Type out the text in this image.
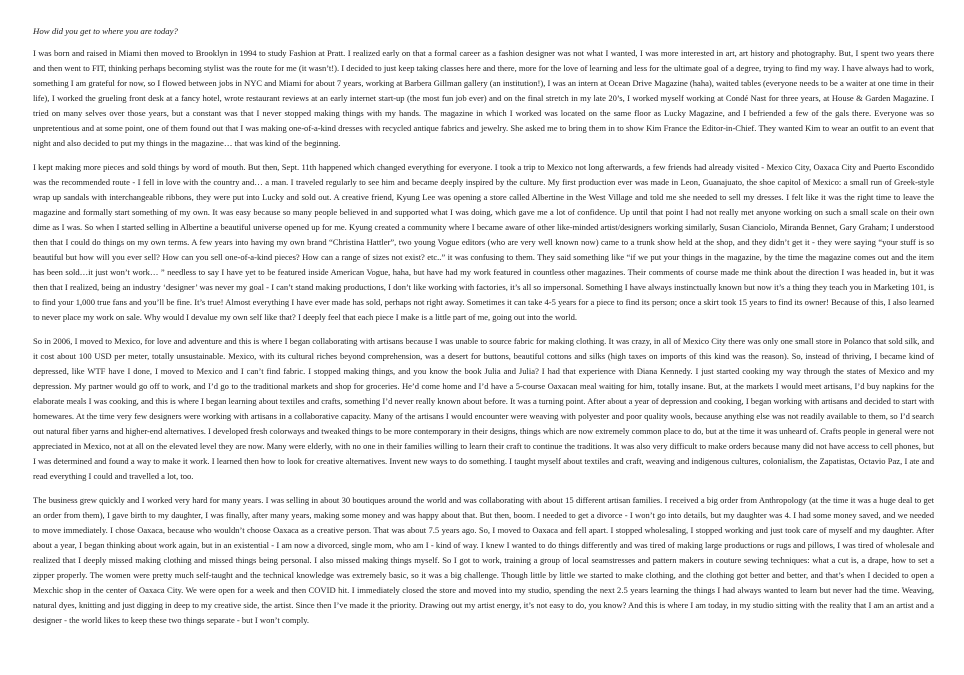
How did you get to where you are today?

I was born and raised in Miami then moved to Brooklyn in 1994 to study Fashion at Pratt. I realized early on that a formal career as a fashion designer was not what I wanted, I was more interested in art, art history and photography. But, I spent two years there and then went to FIT, thinking perhaps becoming stylist was the route for me (it wasn’t!). I decided to just keep taking classes here and there, more for the love of learning and less for the ultimate goal of a degree, trying to find my way. I have always had to work, something I am grateful for now, so I flowed between jobs in NYC and Miami for about 7 years, working at Barbera Gillman gallery (an institution!), I was an intern at Ocean Drive Magazine (haha), waited tables (everyone needs to be a waiter at one time in their life), I worked the grueling front desk at a fancy hotel, wrote restaurant reviews at an early internet start-up (the most fun job ever) and on the final stretch in my late 20’s, I worked myself working at Condé Nast for three years, at House & Garden Magazine. I tried on many selves over those years, but a constant was that I never stopped making things with my hands. The magazine in which I worked was located on the same floor as Lucky Magazine, and I befriended a few of the gals there. Everyone was so unpretentious and at some point, one of them found out that I was making one-of-a-kind dresses with recycled antique fabrics and jewelry. She asked me to bring them in to show Kim France the Editor-in-Chief. They wanted Kim to wear an outfit to an event that night and also decided to put my things in the magazine… that was kind of the beginning.

I kept making more pieces and sold things by word of mouth. But then, Sept. 11th happened which changed everything for everyone. I took a trip to Mexico not long afterwards, a few friends had already visited - Mexico City, Oaxaca City and Puerto Escondido was the recommended route - I fell in love with the country and… a man. I traveled regularly to see him and became deeply inspired by the culture. My first production ever was made in Leon, Guanajuato, the shoe capitol of Mexico: a small run of Greek-style wrap up sandals with interchangeable ribbons, they were put into Lucky and sold out. A creative friend, Kyung Lee was opening a store called Albertine in the West Village and told me she needed to sell my dresses. I felt like it was the right time to leave the magazine and formally start something of my own. It was easy because so many people believed in and supported what I was doing, which gave me a lot of confidence. Up until that point I had not really met anyone working on such a small scale on their own dime as I was. So when I started selling in Albertine a beautiful universe opened up for me. Kyung created a community where I became aware of other like-minded artist/designers working similarly, Susan Cianciolo, Miranda Bennet, Gary Graham; I understood then that I could do things on my own terms. A few years into having my own brand “Christina Hattler”, two young Vogue editors (who are very well known now) came to a trunk show held at the shop, and they didn’t get it - they were saying “your stuff is so beautiful but how will you ever sell? How can you sell one-of-a-kind pieces? How can a range of sizes not exist? etc..” it was confusing to them. They said something like “if we put your things in the magazine, by the time the magazine comes out and the item has been sold…it just won’t work… ” needless to say I have yet to be featured inside American Vogue, haha, but have had my work featured in countless other magazines. Their comments of course made me think about the direction I was headed in, but it was then that I realized, being an industry ‘designer’ was never my goal - I can’t stand making productions, I don’t like working with factories, it’s all so impersonal. Something I have always instinctually known but now it’s a thing they teach you in Marketing 101, is to find your 1,000 true fans and you’ll be fine. It’s true! Almost everything I have ever made has sold, perhaps not right away. Sometimes it can take 4-5 years for a piece to find its person; once a skirt took 15 years to find its owner! Because of this, I also learned to never place my work on sale. Why would I devalue my own self like that? I deeply feel that each piece I make is a little part of me, going out into the world.

So in 2006, I moved to Mexico, for love and adventure and this is where I began collaborating with artisans because I was unable to source fabric for making clothing. It was crazy, in all of Mexico City there was only one small store in Polanco that sold silk, and it cost about 100 USD per meter, totally unsustainable. Mexico, with its cultural riches beyond comprehension, was a desert for buttons, beautiful cottons and silks (high taxes on imports of this kind was the reason). So, instead of thriving, I became kind of depressed, like WTF have I done, I moved to Mexico and I can’t find fabric. I stopped making things, and you know the book Julia and Julia? I had that experience with Diana Kennedy. I just started cooking my way through the states of Mexico and my depression. My partner would go off to work, and I’d go to the traditional markets and shop for groceries. He’d come home and I’d have a 5-course Oaxacan meal waiting for him, totally insane. But, at the markets I would meet artisans, I’d buy napkins for the elaborate meals I was cooking, and this is where I began learning about textiles and crafts, something I’d never really known about before. It was a turning point. After about a year of depression and cooking, I began working with artisans and decided to start with homewares. At the time very few designers were working with artisans in a collaborative capacity. Many of the artisans I would encounter were weaving with polyester and poor quality wools, because anything else was not readily available to them, so I’d search out natural fiber yarns and higher-end alternatives. I developed fresh colorways and tweaked things to be more contemporary in their designs, things which are now extremely common place to do, but at the time it was unheard of. Crafts people in general were not appreciated in Mexico, not at all on the elevated level they are now. Many were elderly, with no one in their families willing to learn their craft to continue the traditions. It was also very difficult to make orders because many did not have access to cell phones, but I was determined and found a way to make it work. I learned then how to look for creative alternatives. Invent new ways to do something. I taught myself about textiles and craft, weaving and indigenous cultures, colonialism, the Zapatistas, Octavio Paz, I ate and read everything I could and travelled a lot, too.

The business grew quickly and I worked very hard for many years. I was selling in about 30 boutiques around the world and was collaborating with about 15 different artisan families. I received a big order from Anthropology (at the time it was a huge deal to get an order from them), I gave birth to my daughter, I was finally, after many years, making some money and was happy about that. But then, boom. I needed to get a divorce - I won’t go into details, but my daughter was 4. I had some money saved, and we needed to move immediately. I chose Oaxaca, because who wouldn’t choose Oaxaca as a creative person. That was about 7.5 years ago. So, I moved to Oaxaca and fell apart. I stopped wholesaling, I stopped working and just took care of myself and my daughter. After about a year, I began thinking about work again, but in an existential - I am now a divorced, single mom, who am I - kind of way. I knew I wanted to do things differently and was tired of making large productions or rugs and pillows, I was tired of wholesale and realized that I deeply missed making clothing and missed things being personal. I also missed making things myself. So I got to work, training a group of local seamstresses and pattern makers in couture sewing techniques: what a cut is, a drape, how to set a zipper properly. The women were pretty much self-taught and the technical knowledge was extremely basic, so it was a big challenge. Though little by little we started to make clothing, and the clothing got better and better, and that’s when I decided to open a Mexchic shop in the center of Oaxaca City. We were open for a week and then COVID hit. I immediately closed the store and moved into my studio, spending the next 2.5 years learning the things I had always wanted to learn but never had the time. Weaving, natural dyes, knitting and just digging in deep to my creative side, the artist. Since then I’ve made it the priority. Drawing out my artist energy, it’s not easy to do, you know? And this is where I am today, in my studio sitting with the reality that I am an artist and a designer - the world likes to keep these two things separate - but I won’t comply.
